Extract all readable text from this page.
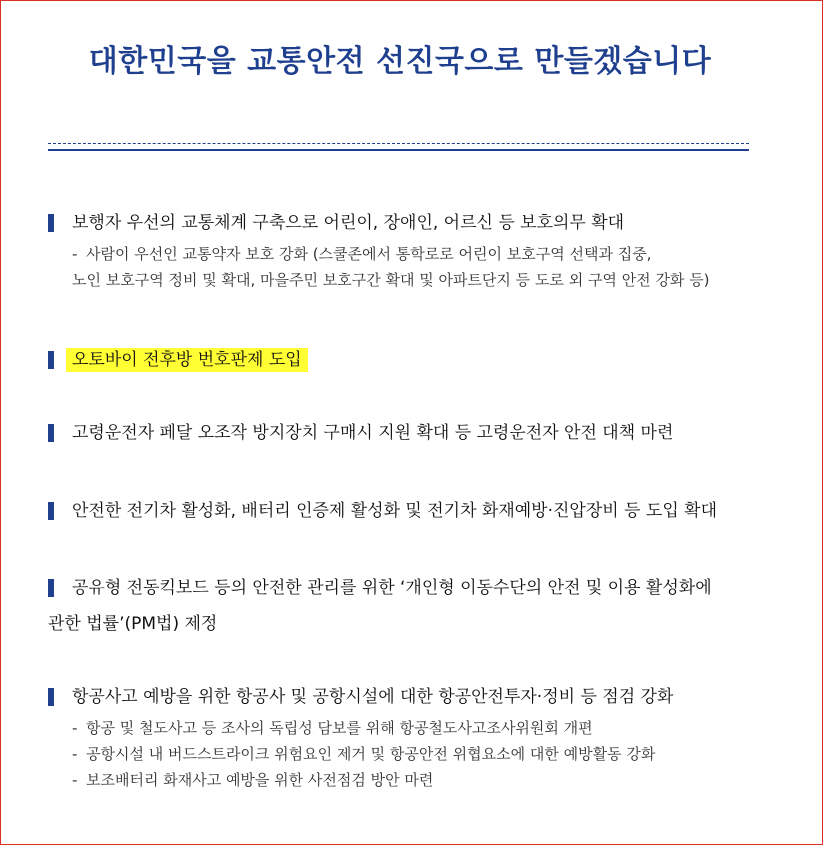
대한민국을 교통안전 선진국으로 만들겠습니다
보행자 우선의 교통체계 구축으로 어린이, 장애인, 어르신 등 보호의무 확대
- 사람이 우선인 교통약자 보호 강화 (스쿨존에서 통학로로 어린이 보호구역 선택과 집중,
노인 보호구역 정비 및 확대, 마을주민 보호구간 확대 및 아파트단지 등 도로 외 구역 안전 강화 등)
오토바이 전후방 번호판제 도입
고령운전자 페달 오조작 방지장치 구매시 지원 확대 등 고령운전자 안전 대책 마련
안전한 전기차 활성화, 배터리 인증제 활성화 및 전기차 화재예방·진압장비 등 도입 확대
공유형 전동킥보드 등의 안전한 관리를 위한 ‘개인형 이동수단의 안전 및 이용 활성화에
관한 법률’(PM법) 제정
항공사고 예방을 위한 항공사 및 공항시설에 대한 항공안전투자·정비 등 점검 강화
- 항공 및 철도사고 등 조사의 독립성 담보를 위해 항공철도사고조사위원회 개편
- 공항시설 내 버드스트라이크 위험요인 제거 및 항공안전 위협요소에 대한 예방활동 강화
- 보조배터리 화재사고 예방을 위한 사전점검 방안 마련
